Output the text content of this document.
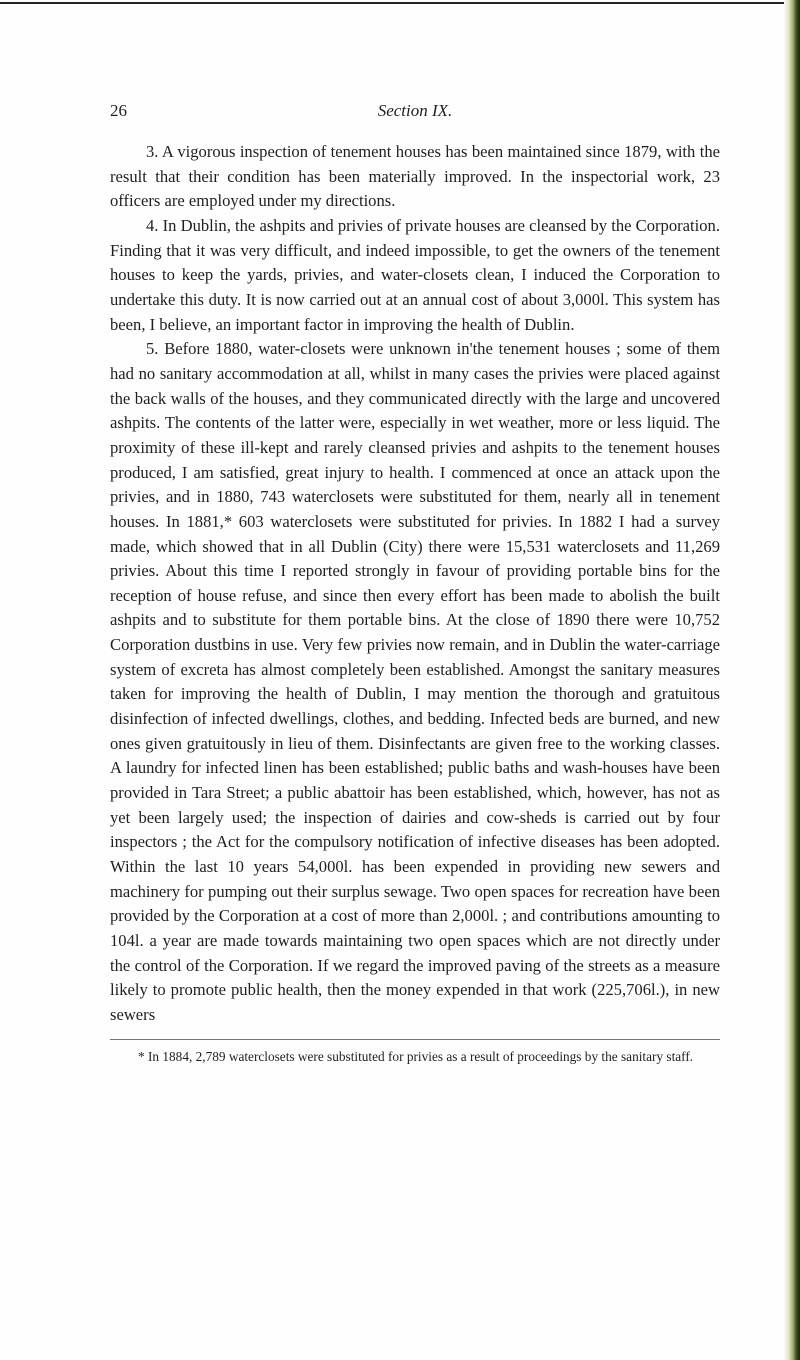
26	Section IX.

3. A vigorous inspection of tenement houses has been maintained since 1879, with the result that their condition has been materially improved. In the inspectorial work, 23 officers are employed under my directions.

4. In Dublin, the ashpits and privies of private houses are cleansed by the Corporation. Finding that it was very difficult, and indeed impossible, to get the owners of the tenement houses to keep the yards, privies, and water-closets clean, I induced the Corporation to undertake this duty. It is now carried out at an annual cost of about 3,000l. This system has been, I believe, an important factor in improving the health of Dublin.

5. Before 1880, water-closets were unknown in'the tenement houses ; some of them had no sanitary accommodation at all, whilst in many cases the privies were placed against the back walls of the houses, and they communicated directly with the large and uncovered ashpits. The contents of the latter were, especially in wet weather, more or less liquid. The proximity of these ill-kept and rarely cleansed privies and ashpits to the tenement houses produced, I am satisfied, great injury to health. I commenced at once an attack upon the privies, and in 1880, 743 waterclosets were substituted for them, nearly all in tenement houses. In 1881,* 603 waterclosets were substituted for privies. In 1882 I had a survey made, which showed that in all Dublin (City) there were 15,531 waterclosets and 11,269 privies. About this time I reported strongly in favour of providing portable bins for the reception of house refuse, and since then every effort has been made to abolish the built ashpits and to substitute for them portable bins. At the close of 1890 there were 10,752 Corporation dustbins in use. Very few privies now remain, and in Dublin the water-carriage system of excreta has almost completely been established. Amongst the sanitary measures taken for improving the health of Dublin, I may mention the thorough and gratuitous disinfection of infected dwellings, clothes, and bedding. Infected beds are burned, and new ones given gratuitously in lieu of them. Disinfectants are given free to the working classes. A laundry for infected linen has been established; public baths and wash-houses have been provided in Tara Street; a public abattoir has been established, which, however, has not as yet been largely used; the inspection of dairies and cow-sheds is carried out by four inspectors ; the Act for the compulsory notification of infective diseases has been adopted. Within the last 10 years 54,000l. has been expended in providing new sewers and machinery for pumping out their surplus sewage. Two open spaces for recreation have been provided by the Corporation at a cost of more than 2,000l. ; and contributions amounting to 104l. a year are made towards maintaining two open spaces which are not directly under the control of the Corporation. If we regard the improved paving of the streets as a measure likely to promote public health, then the money expended in that work (225,706l.), in new sewers

* In 1884, 2,789 waterclosets were substituted for privies as a result of proceedings by the sanitary staff.
